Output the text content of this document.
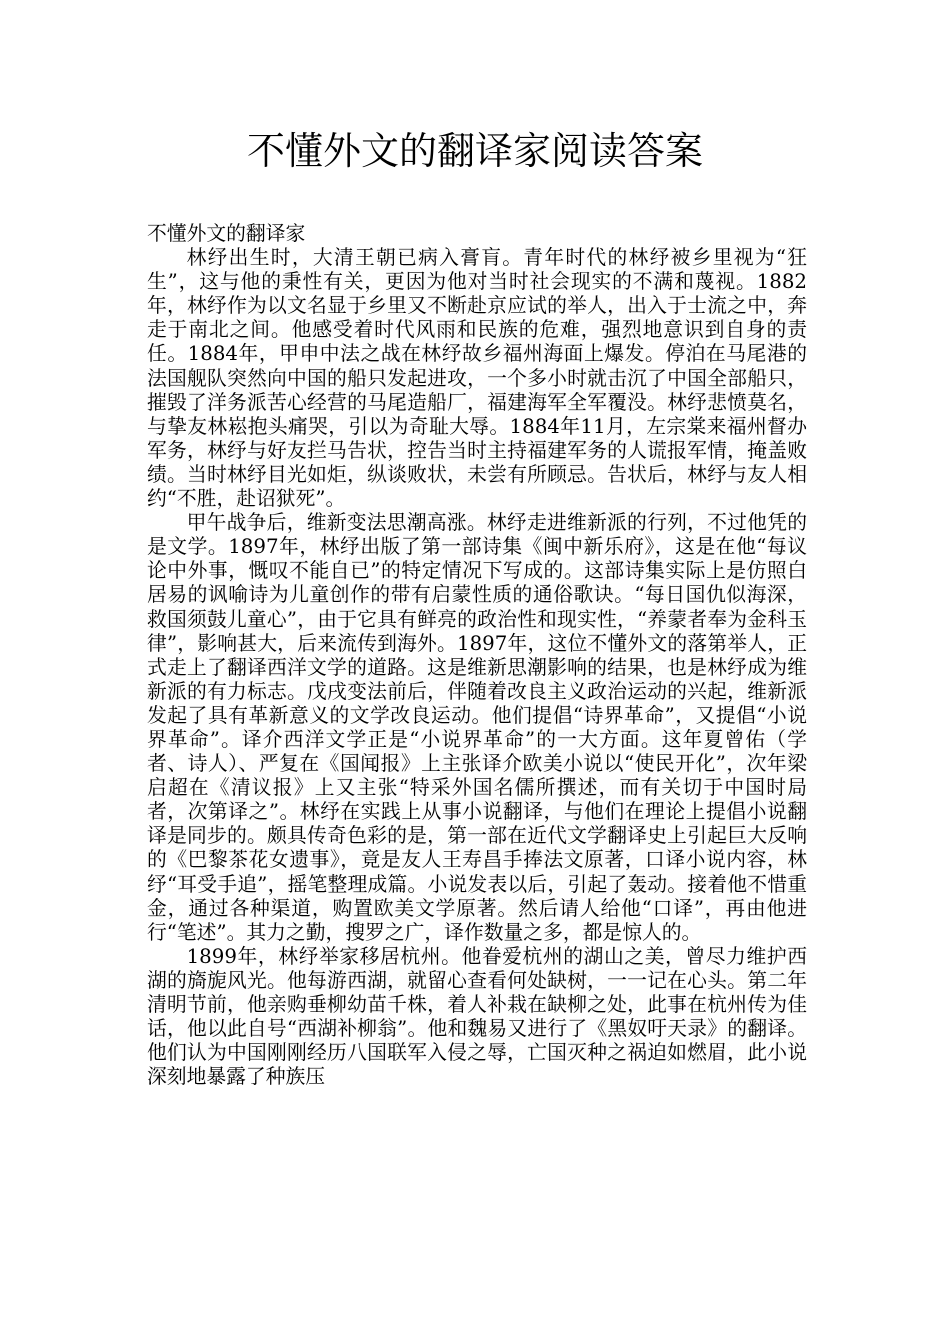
不懂外文的翻译家阅读答案

不懂外文的翻译家

林纾出生时，大清王朝已病入膏肓。青年时代的林纾被乡里视为“狂生”，这与他的秉性有关，更因为他对当时社会现实的不满和蔑视。1882年，林纾作为以文名显于乡里又不断赴京应试的举人，出入于士流之中，奔走于南北之间。他感受着时代风雨和民族的危难，强烈地意识到自身的责任。1884年，甲申中法之战在林纾故乡福州海面上爆发。停泊在马尾港的法国舰队突然向中国的船只发起进攻，一个多小时就击沉了中国全部船只，摧毁了洋务派苦心经营的马尾造船厂，福建海军全军覆没。林纾悲愤莫名，与挚友林崧抱头痛哭，引以为奇耻大辱。1884年11月，左宗棠来福州督办军务，林纾与好友拦马告状，控告当时主持福建军务的人谎报军情，掩盖败绩。当时林纾目光如炬，纵谈败状，未尝有所顾忌。告状后，林纾与友人相约“不胜，赴诏狱死”。

甲午战争后，维新变法思潮高涨。林纾走进维新派的行列，不过他凭的是文学。1897年，林纾出版了第一部诗集《闽中新乐府》，这是在他“每议论中外事，慨叹不能自已”的特定情况下写成的。这部诗集实际上是仿照白居易的讽喻诗为儿童创作的带有启蒙性质的通俗歌诀。“每日国仇似海深，救国须鼓儿童心”，由于它具有鲜亮的政治性和现实性，“养蒙者奉为金科玉律”，影响甚大，后来流传到海外。1897年，这位不懂外文的落第举人，正式走上了翻译西洋文学的道路。这是维新思潮影响的结果，也是林纾成为维新派的有力标志。戊戌变法前后，伴随着改良主义政治运动的兴起，维新派发起了具有革新意义的文学改良运动。他们提倡“诗界革命”，又提倡“小说界革命”。译介西洋文学正是“小说界革命”的一大方面。这年夏曾佑（学者、诗人）、严复在《国闻报》上主张译介欧美小说以“使民开化”，次年梁启超在《清议报》上又主张“特采外国名儒所撰述，而有关切于中国时局者，次第译之”。林纾在实践上从事小说翻译，与他们在理论上提倡小说翻译是同步的。颇具传奇色彩的是，第一部在近代文学翻译史上引起巨大反响的《巴黎茶花女遗事》，竟是友人王寿昌手捧法文原著，口译小说内容，林纾“耳受手追”，摇笔整理成篇。小说发表以后，引起了轰动。接着他不惜重金，通过各种渠道，购置欧美文学原著。然后请人给他“口译”，再由他进行“笔述”。其力之勤，搜罗之广，译作数量之多，都是惊人的。

1899年，林纾举家移居杭州。他眷爱杭州的湖山之美，曾尽力维护西湖的旖旎风光。他每游西湖，就留心查看何处缺树，一一记在心头。第二年清明节前，他亲购垂柳幼苗千株，着人补栽在缺柳之处，此事在杭州传为佳话，他以此自号“西湖补柳翁”。他和魏易又进行了《黑奴吁天录》的翻译。他们认为中国刚刚经历八国联军入侵之辱，亡国灭种之祸迫如燃眉，此小说深刻地暴露了种族压
